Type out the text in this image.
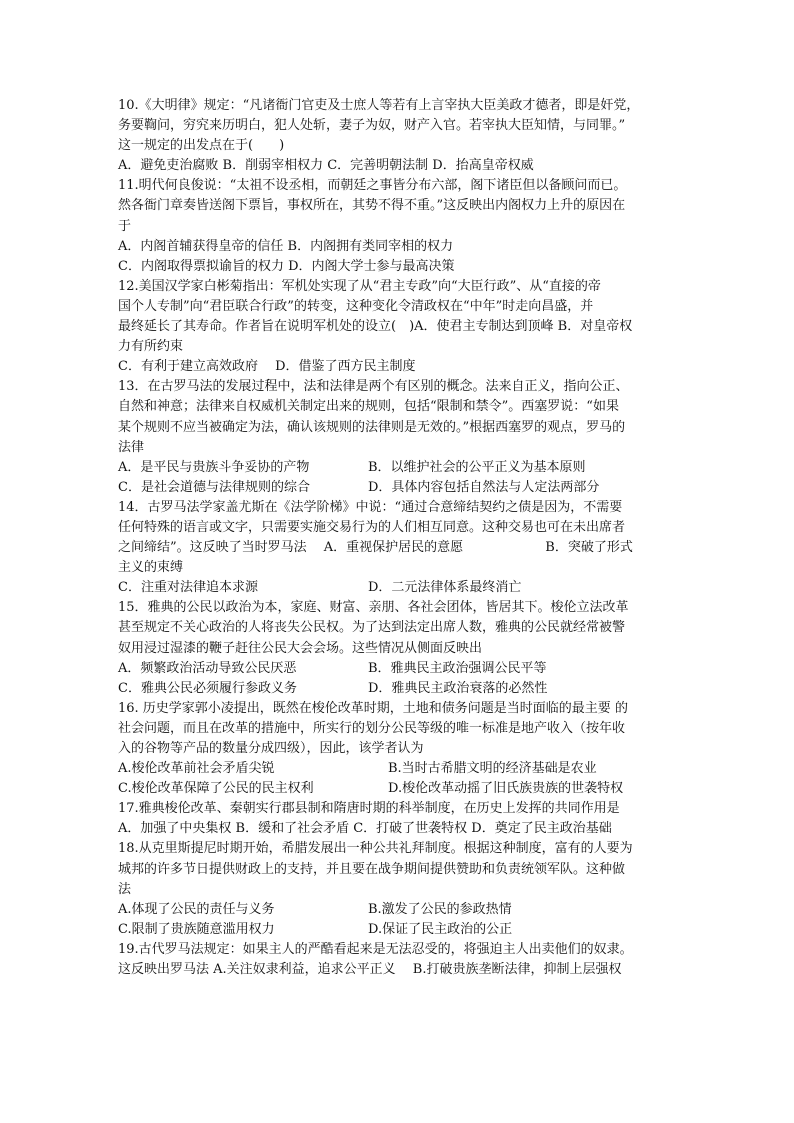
10.《大明律》规定：“凡诸衙门官吏及士庶人等若有上言宰执大臣美政才德者，即是奸党，
务要鞫问，穷究来历明白，犯人处斩，妻子为奴，财产入官。若宰执大臣知情，与同罪。”
这一规定的出发点在于(　　)
A．避免吏治腐败 B．削弱宰相权力 C．完善明朝法制 D．抬高皇帝权威
11.明代何良俊说：“太祖不设丞相，而朝廷之事皆分布六部，阁下诸臣但以备顾问而已。
然各衙门章奏皆送阁下票旨，事权所在，其势不得不重。”这反映出内阁权力上升的原因在
于
A．内阁首辅获得皇帝的信任 B．内阁拥有类同宰相的权力
C．内阁取得票拟谕旨的权力 D．内阁大学士参与最高决策
12.美国汉学家白彬菊指出：军机处实现了从“君主专政”向“大臣行政”、从“直接的帝
国个人专制”向“君臣联合行政”的转变，这种变化令清政权在“中年”时走向昌盛，并
最终延长了其寿命。作者旨在说明军机处的设立(　)A．使君主专制达到顶峰 B．对皇帝权
力有所约束
C．有利于建立高效政府　 D．借鉴了西方民主制度
13．在古罗马法的发展过程中，法和法律是两个有区别的概念。法来自正义，指向公正、
自然和神意；法律来自权威机关制定出来的规则，包括“限制和禁令”。西塞罗说：“如果
某个规则不应当被确定为法，确认该规则的法律则是无效的。”根据西塞罗的观点，罗马的
法律
A．是平民与贵族斗争妥协的产物	B．以维护社会的公平正义为基本原则
C．是社会道德与法律规则的综合	D．具体内容包括自然法与人定法两部分
14．古罗马法学家盖尤斯在《法学阶梯》中说：“通过合意缔结契约之债是因为，不需要
任何特殊的语言或文字，只需要实施交易行为的人们相互同意。这种交易也可在未出席者
之间缔结”。这反映了当时罗马法　 A．重视保护居民的意愿　　　　　　 B．突破了形式
主义的束缚
C．注重对法律追本求源	D．二元法律体系最终消亡
15．雅典的公民以政治为本，家庭、财富、亲朋、各社会团体，皆居其下。梭伦立法改革
甚至规定不关心政治的人将丧失公民权。为了达到法定出席人数，雅典的公民就经常被警
奴用浸过湿漆的鞭子赶往公民大会会场。这些情况从侧面反映出
A．频繁政治活动导致公民厌恶	B．雅典民主政治强调公民平等
C．雅典公民必须履行参政义务	D．雅典民主政治衰落的必然性
16. 历史学家郭小凌提出，既然在梭伦改革时期，土地和债务问题是当时面临的最主要 的
社会问题，而且在改革的措施中，所实行的划分公民等级的唯一标准是地产收入（按年收
入的谷物等产品的数量分成四级），因此，该学者认为
A.梭伦改革前社会矛盾尖锐	B.当时古希腊文明的经济基础是农业
C.梭伦改革保障了公民的民主权利	D.梭伦改革动摇了旧氏族贵族的世袭特权
17.雅典梭伦改革、秦朝实行郡县制和隋唐时期的科举制度，在历史上发挥的共同作用是
A．加强了中央集权 B．缓和了社会矛盾 C．打破了世袭特权 D．奠定了民主政治基础
18.从克里斯提尼时期开始，希腊发展出一种公共礼拜制度。根据这种制度，富有的人要为
城邦的许多节日提供财政上的支持，并且要在战争期间提供赞助和负责统领军队。这种做
法
A.体现了公民的责任与义务	B.激发了公民的参政热情
C.限制了贵族随意滥用权力	D.保证了民主政治的公正
19.古代罗马法规定：如果主人的严酷看起来是无法忍受的，将强迫主人出卖他们的奴隶。
这反映出罗马法 A.关注奴隶利益，追求公平正义　 B.打破贵族垄断法律，抑制上层强权
